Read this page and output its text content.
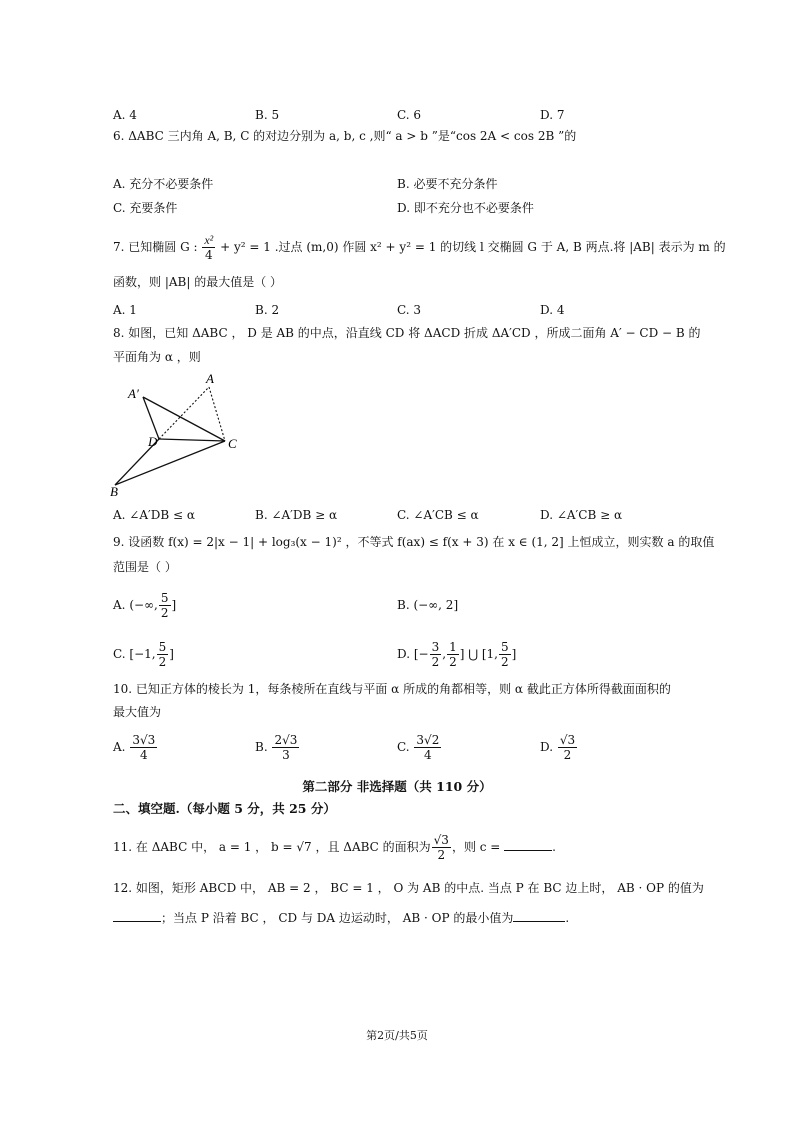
A. 4	B. 5	C. 6	D. 7
6. ΔABC 三内角 A, B, C 的对边分别为 a, b, c ,则“ a > b ”是“cos 2A < cos 2B ”的
A. 充分不必要条件	B. 必要不充分条件
C. 充要条件	D. 即不充分也不必要条件
7. 已知椭圆 G : $\frac{\text{x²}}{4} + y^2 = 1$ .过点 (m,0) 作圆 x² + y² = 1 的切线 l 交椭圆 G 于 A, B 两点.将 |AB| 表示为 m 的
函数，则 |AB| 的最大值是（ ）
A. 1	B. 2	C. 3	D. 4
8. 如图，已知 ΔABC ， D 是 AB 的中点，沿直线 CD 将 ΔACD 折成 ΔA′CD ，所成二面角 A′ − CD − B 的
平面角为 α ，则
A′
A
D	C
B
A. ∠A′DB ≤ α	B. ∠A′DB ≥ α	C. ∠A′CB ≤ α	D. ∠A′CB ≥ α
9. 设函数 f(x) = 2|x − 1| + log₃(x − 1)² ，不等式 f(ax) ≤ f(x + 3) 在 x ∈ (1, 2] 上恒成立，则实数 a 的取值
范围是（ ）
A. (−∞, $\frac{5}{2}$ ]	B. (−∞, 2]
C. [−1, $\frac{5}{2}$ ]	D. [− $\frac{3}{2}$ , $\frac{1}{2}$ ] ⋃ [1, $\frac{5}{2}$ ]
10. 已知正方体的棱长为 1，每条棱所在直线与平面 α 所成的角都相等，则 α 截此正方体所得截面面积的
最大值为
A. $\frac{3√3}{4}$	B. $\frac{2√3}{3}$	C. $\frac{3√2}{4}$	D. $\frac{√3}{2}$
第二部分 非选择题（共 110 分）
二、填空题.（每小题 5 分，共 25 分）
11. 在 ΔABC 中， a = 1 ， b = √7 ，且 ΔABC 的面积为 $\frac{√3}{2}$ ，则 c =	.
12. 如图，矩形 ABCD 中， AB = 2 ， BC = 1 ， O 为 AB 的中点. 当点 P 在 BC 边上时， AB · OP 的值为
；当点 P 沿着 BC ， CD 与 DA 边运动时， AB · OP 的最小值为	.
第2页/共5页
